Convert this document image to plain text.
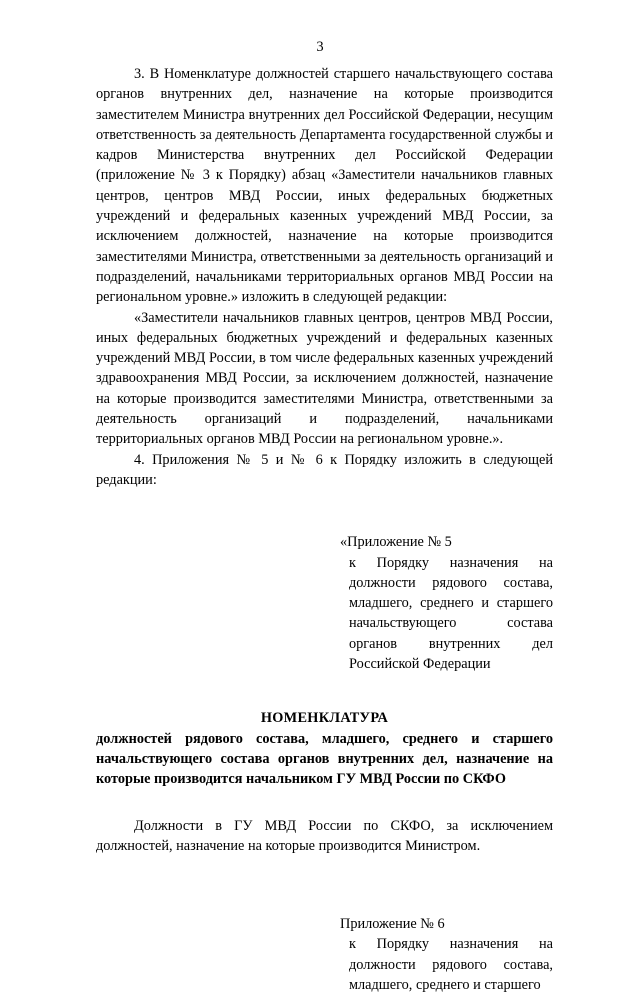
3

3. В Номенклатуре должностей старшего начальствующего состава органов внутренних дел, назначение на которые производится заместителем Министра внутренних дел Российской Федерации, несущим ответственность за деятельность Департамента государственной службы и кадров Министерства внутренних дел Российской Федерации (приложение № 3 к Порядку) абзац «Заместители начальников главных центров, центров МВД России, иных федеральных бюджетных учреждений и федеральных казенных учреждений МВД России, за исключением должностей, назначение на которые производится заместителями Министра, ответственными за деятельность организаций и подразделений, начальниками территориальных органов МВД России на региональном уровне.» изложить в следующей редакции:

«Заместители начальников главных центров, центров МВД России, иных федеральных бюджетных учреждений и федеральных казенных учреждений МВД России, в том числе федеральных казенных учреждений здравоохранения МВД России, за исключением должностей, назначение на которые производится заместителями Министра, ответственными за деятельность организаций и подразделений, начальниками территориальных органов МВД России на региональном уровне.».

4. Приложения № 5 и № 6 к Порядку изложить в следующей редакции:

«Приложение № 5
к Порядку назначения на должности рядового состава, младшего, среднего и старшего начальствующего состава органов внутренних дел Российской Федерации
НОМЕНКЛАТУРА

должностей рядового состава, младшего, среднего и старшего начальствующего состава органов внутренних дел, назначение на которые производится начальником ГУ МВД России по СКФО

Должности в ГУ МВД России по СКФО, за исключением должностей, назначение на которые производится Министром.

Приложение № 6
к Порядку назначения на должности рядового состава, младшего, среднего и старшего
